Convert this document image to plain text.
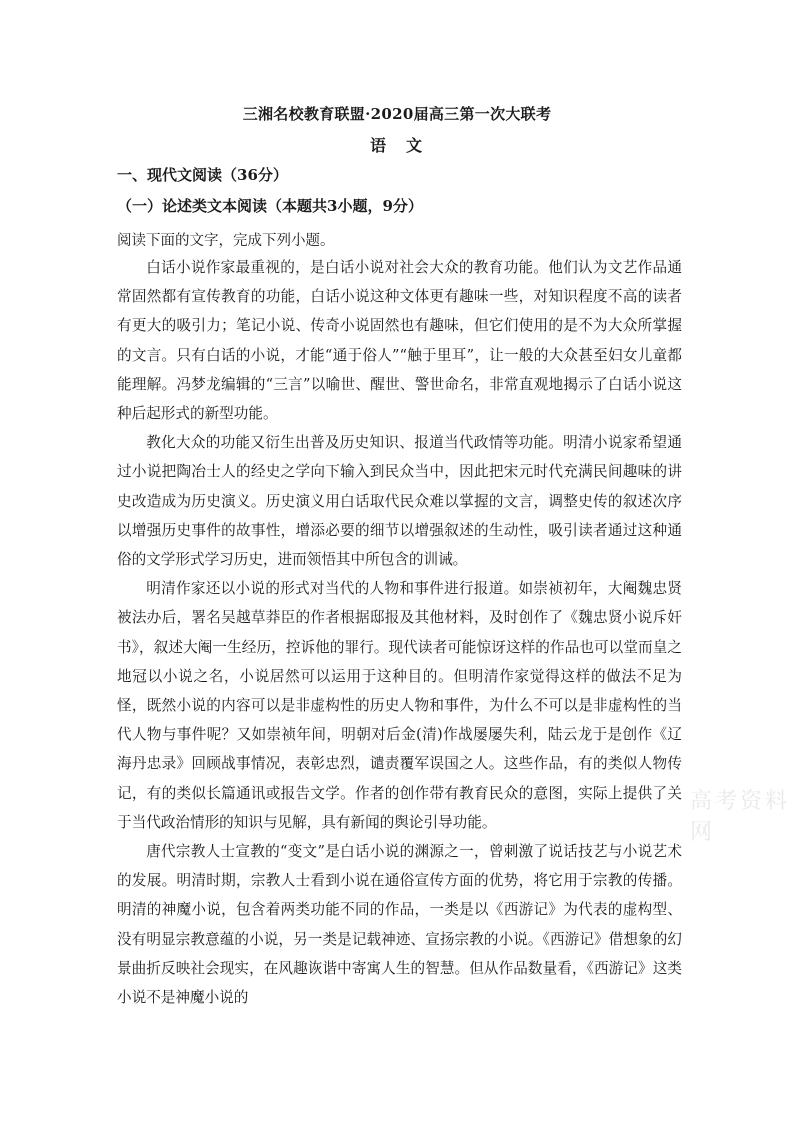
三湘名校教育联盟·2020届高三第一次大联考
语　文
一、现代文阅读（36分）
（一）论述类文本阅读（本题共3小题，9分）
阅读下面的文字，完成下列小题。

白话小说作家最重视的，是白话小说对社会大众的教育功能。他们认为文艺作品通常固然都有宣传教育的功能，白话小说这种文体更有趣味一些，对知识程度不高的读者有更大的吸引力；笔记小说、传奇小说固然也有趣味，但它们使用的是不为大众所掌握的文言。只有白话的小说，才能“通于俗人”“触于里耳”，让一般的大众甚至妇女儿童都能理解。冯梦龙编辑的“三言”以喻世、醒世、警世命名，非常直观地揭示了白话小说这种后起形式的新型功能。

教化大众的功能又衍生出普及历史知识、报道当代政情等功能。明清小说家希望通过小说把陶冶士人的经史之学向下输入到民众当中，因此把宋元时代充满民间趣味的讲史改造成为历史演义。历史演义用白话取代民众难以掌握的文言，调整史传的叙述次序以增强历史事件的故事性，增添必要的细节以增强叙述的生动性，吸引读者通过这种通俗的文学形式学习历史，进而领悟其中所包含的训诫。

明清作家还以小说的形式对当代的人物和事件进行报道。如崇祯初年，大阉魏忠贤被法办后，署名吴越草莽臣的作者根据邸报及其他材料，及时创作了《魏忠贤小说斥奸书》，叙述大阉一生经历，控诉他的罪行。现代读者可能惊讶这样的作品也可以堂而皇之地冠以小说之名，小说居然可以运用于这种目的。但明清作家觉得这样的做法不足为怪，既然小说的内容可以是非虚构性的历史人物和事件，为什么不可以是非虚构性的当代人物与事件呢？又如崇祯年间，明朝对后金(清)作战屡屡失利，陆云龙于是创作《辽海丹忠录》回顾战事情况，表彰忠烈，谴责覆军误国之人。这些作品，有的类似人物传记，有的类似长篇通讯或报告文学。作者的创作带有教育民众的意图，实际上提供了关于当代政治情形的知识与见解，具有新闻的舆论引导功能。

唐代宗教人士宣教的“变文”是白话小说的渊源之一，曾刺激了说话技艺与小说艺术的发展。明清时期，宗教人士看到小说在通俗宣传方面的优势，将它用于宗教的传播。明清的神魔小说，包含着两类功能不同的作品，一类是以《西游记》为代表的虚构型、没有明显宗教意蕴的小说，另一类是记载神迹、宣扬宗教的小说。《西游记》借想象的幻景曲折反映社会现实，在风趣诙谐中寄寓人生的智慧。但从作品数量看，《西游记》这类小说不是神魔小说的

高考资料网
